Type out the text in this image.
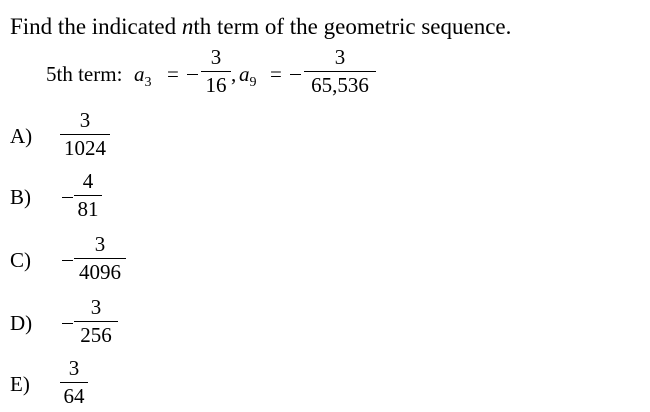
Find the indicated nth term of the geometric sequence.
5th term: $a_3$ =
3
16 , $a_9$ =
3
65,536
A)
3
1024
B)
4
81
C)
3
4096
D)
3
256
E)
3
64
